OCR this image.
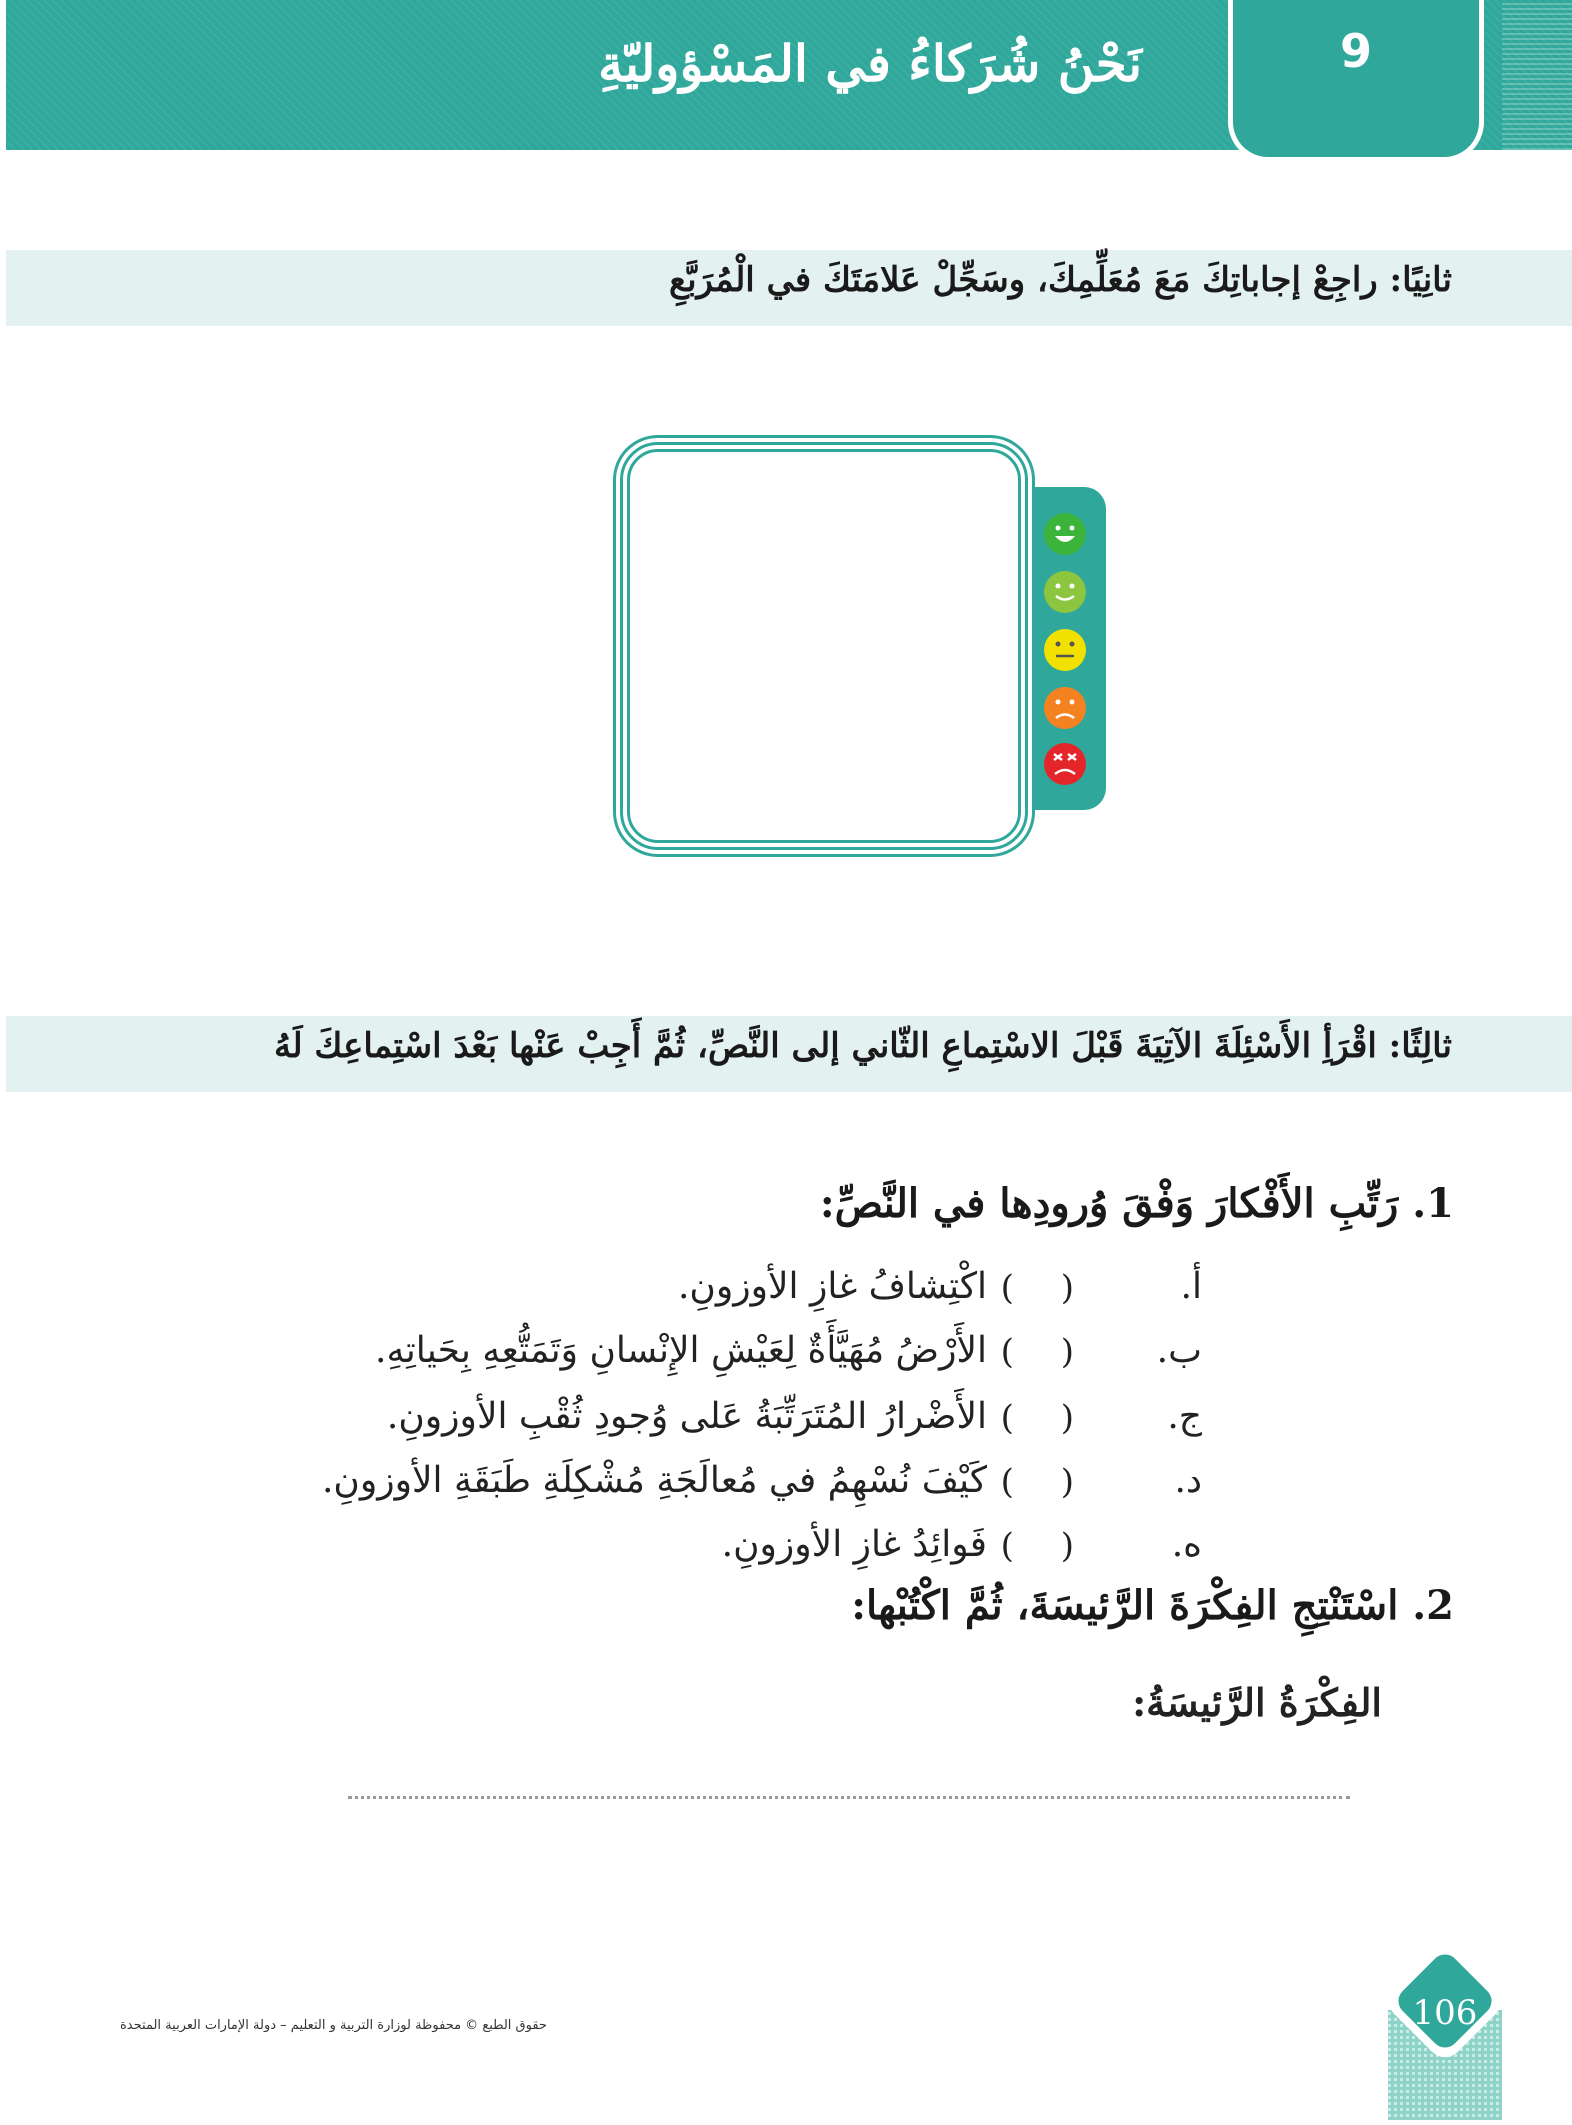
نَحْنُ شُرَكاءُ في المَسْؤوليّةِ	9
ثانِيًا: راجِعْ إجاباتِكَ مَعَ مُعَلِّمِكَ، وسَجِّلْ عَلامَتَكَ في الْمُرَبَّعِ
ثالِثًا: اقْرَأِ الأَسْئِلَةَ الآتِيَةَ قَبْلَ الاسْتِماعِ الثّاني إلى النَّصِّ، ثُمَّ أَجِبْ عَنْها بَعْدَ اسْتِماعِكَ لَهُ
1. رَتِّبِ الأَفْكارَ وَفْقَ وُرودِها في النَّصِّ:
أ.
( )
اكْتِشافُ غازِ الأوزونِ.
ب.
( )
الأَرْضُ مُهَيَّأَةٌ لِعَيْشِ الإِنْسانِ وَتَمَتُّعِهِ بِحَياتِهِ.
ج.
( )
الأَضْرارُ المُتَرَتِّبَةُ عَلى وُجودِ ثُقْبِ الأوزونِ.
د.
( )
كَيْفَ نُسْهِمُ في مُعالَجَةِ مُشْكِلَةِ طَبَقَةِ الأوزونِ.
ه.
( )
فَوائِدُ غازِ الأوزونِ.
2. اسْتَنْتِجِ الفِكْرَةَ الرَّئيسَةَ، ثُمَّ اكْتُبْها:
الفِكْرَةُ الرَّئيسَةُ:
حقوق الطبع © محفوظة لوزارة التربية و التعليم – دولة الإمارات العربية المتحدة	106
